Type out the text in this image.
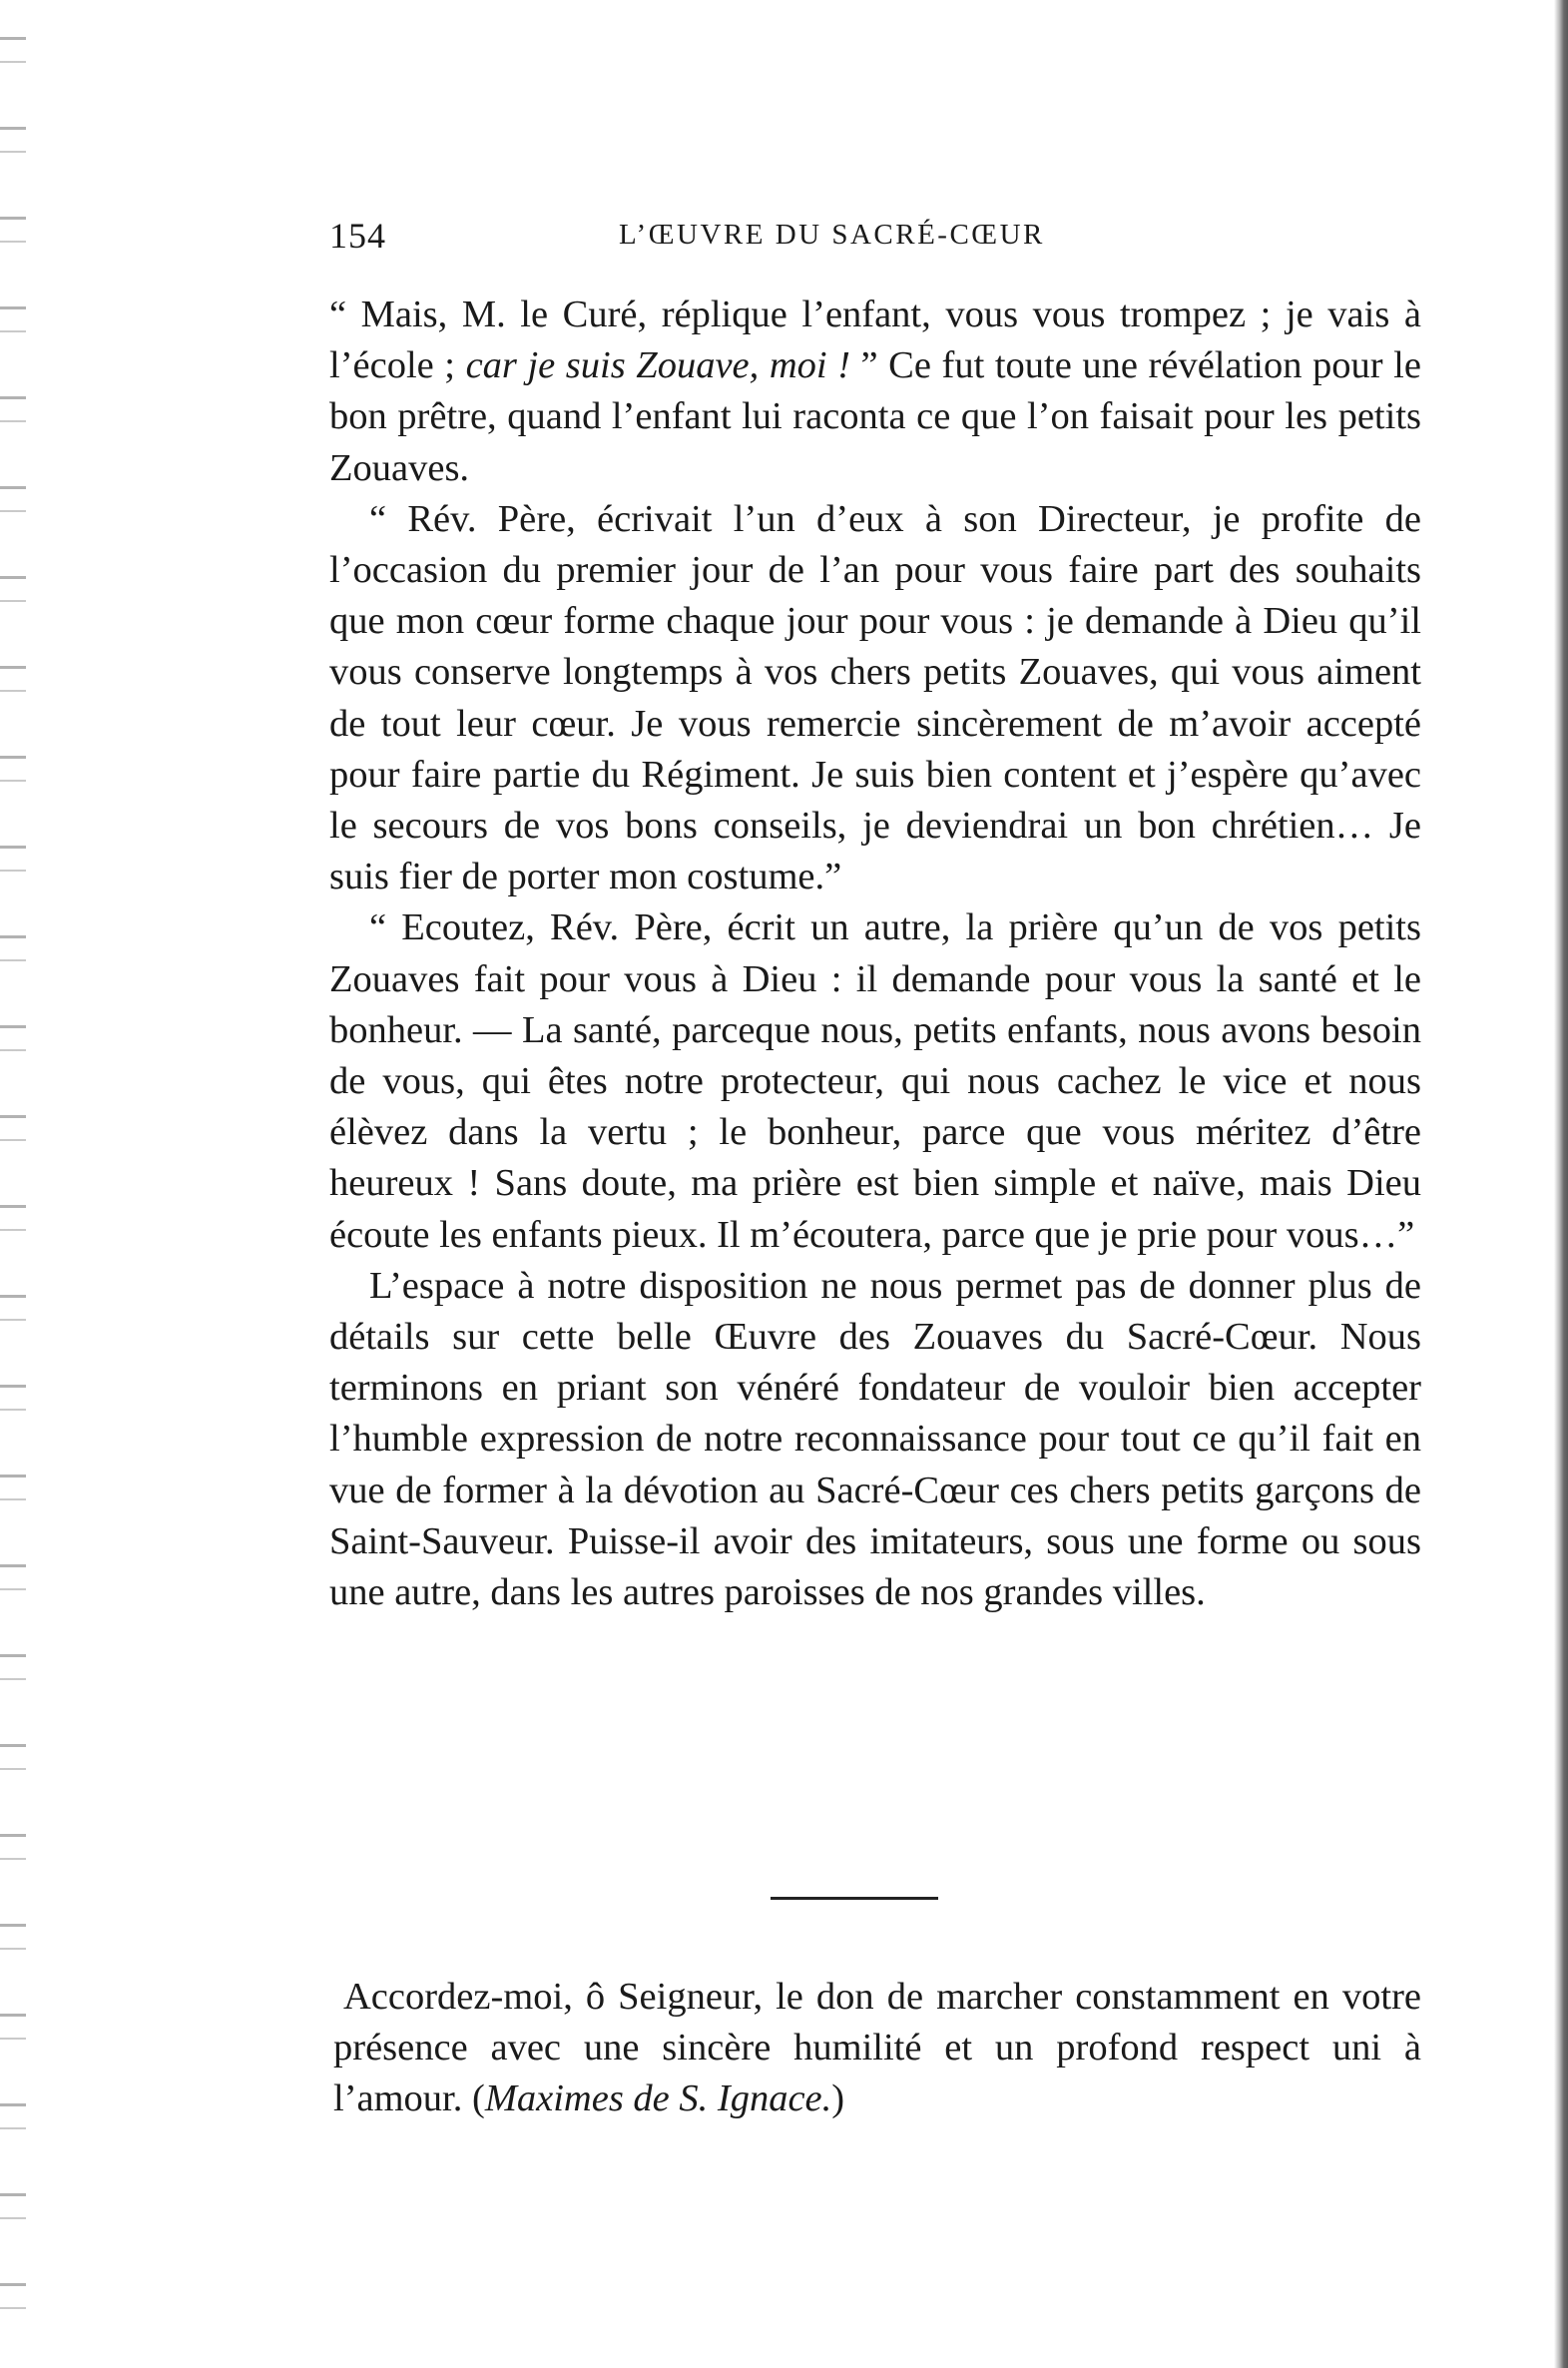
154	L’ŒUVRE DU SACRÉ-CŒUR

“ Mais, M. le Curé, réplique l’enfant, vous vous trompez ; je vais à l’école ; car je suis Zouave, moi ! ” Ce fut toute une révélation pour le bon prêtre, quand l’enfant lui raconta ce que l’on faisait pour les petits Zouaves.

“ Rév. Père, écrivait l’un d’eux à son Directeur, je profite de l’occasion du premier jour de l’an pour vous faire part des souhaits que mon cœur forme chaque jour pour vous : je demande à Dieu qu’il vous conserve longtemps à vos chers petits Zouaves, qui vous aiment de tout leur cœur. Je vous remercie sincèrement de m’avoir accepté pour faire partie du Régiment. Je suis bien content et j’espère qu’avec le secours de vos bons conseils, je deviendrai un bon chrétien… Je suis fier de porter mon costume.”

“ Ecoutez, Rév. Père, écrit un autre, la prière qu’un de vos petits Zouaves fait pour vous à Dieu : il demande pour vous la santé et le bonheur. — La santé, parceque nous, petits enfants, nous avons besoin de vous, qui êtes notre protecteur, qui nous cachez le vice et nous élèvez dans la vertu ; le bonheur, parce que vous méritez d’être heureux ! Sans doute, ma prière est bien simple et naïve, mais Dieu écoute les enfants pieux. Il m’écoutera, parce que je prie pour vous…”

L’espace à notre disposition ne nous permet pas de donner plus de détails sur cette belle Œuvre des Zouaves du Sacré-Cœur. Nous terminons en priant son vénéré fondateur de vouloir bien accepter l’humble expression de notre reconnaissance pour tout ce qu’il fait en vue de former à la dévotion au Sacré-Cœur ces chers petits garçons de Saint-Sauveur. Puisse-il avoir des imitateurs, sous une forme ou sous une autre, dans les autres paroisses de nos grandes villes.

Accordez-moi, ô Seigneur, le don de marcher constamment en votre présence avec une sincère humilité et un profond respect uni à l’amour. (Maximes de S. Ignace.)
